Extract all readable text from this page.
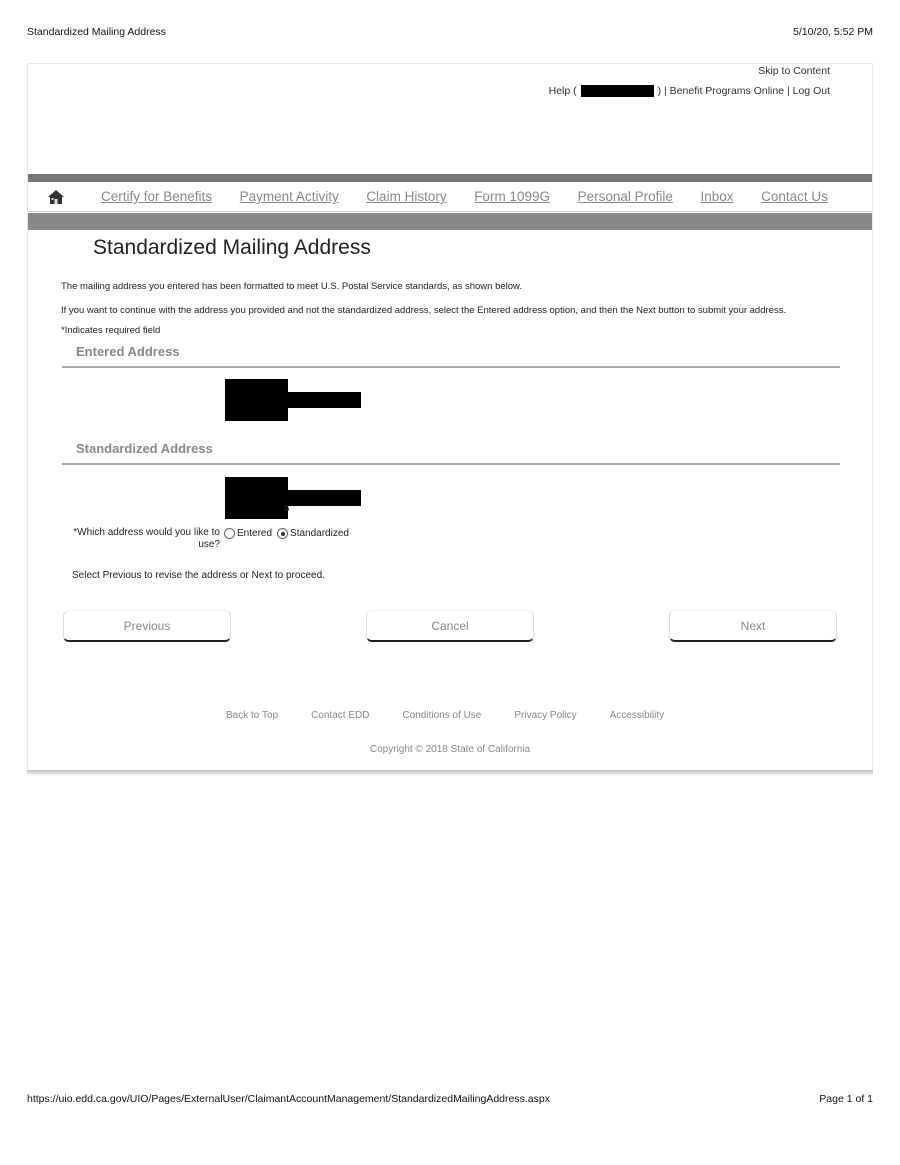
Standardized Mailing Address	5/10/20, 5:52 PM
Skip to Content
Help (	) | Benefit Programs Online | Log Out
Certify for Benefits Payment Activity Claim History Form 1099G Personal Profile Inbox Contact Us
Standardized Mailing Address

The mailing address you entered has been formatted to meet U.S. Postal Service standards, as shown below.

If you want to continue with the address you provided and not the standardized address, select the Entered address option, and then the Next button to submit your address.

*Indicates required field

Entered Address
Standardized Address
S
*Which address would you like to use?
Entered Standardized

Select Previous to revise the address or Next to proceed.

Previous	Cancel	Next
Back to Top	Contact EDD	Conditions of Use	Privacy Policy	Accessibility
Copyright © 2018 State of California
https://uio.edd.ca.gov/UIO/Pages/ExternalUser/ClaimantAccountManagement/StandardizedMailingAddress.aspx	Page 1 of 1
